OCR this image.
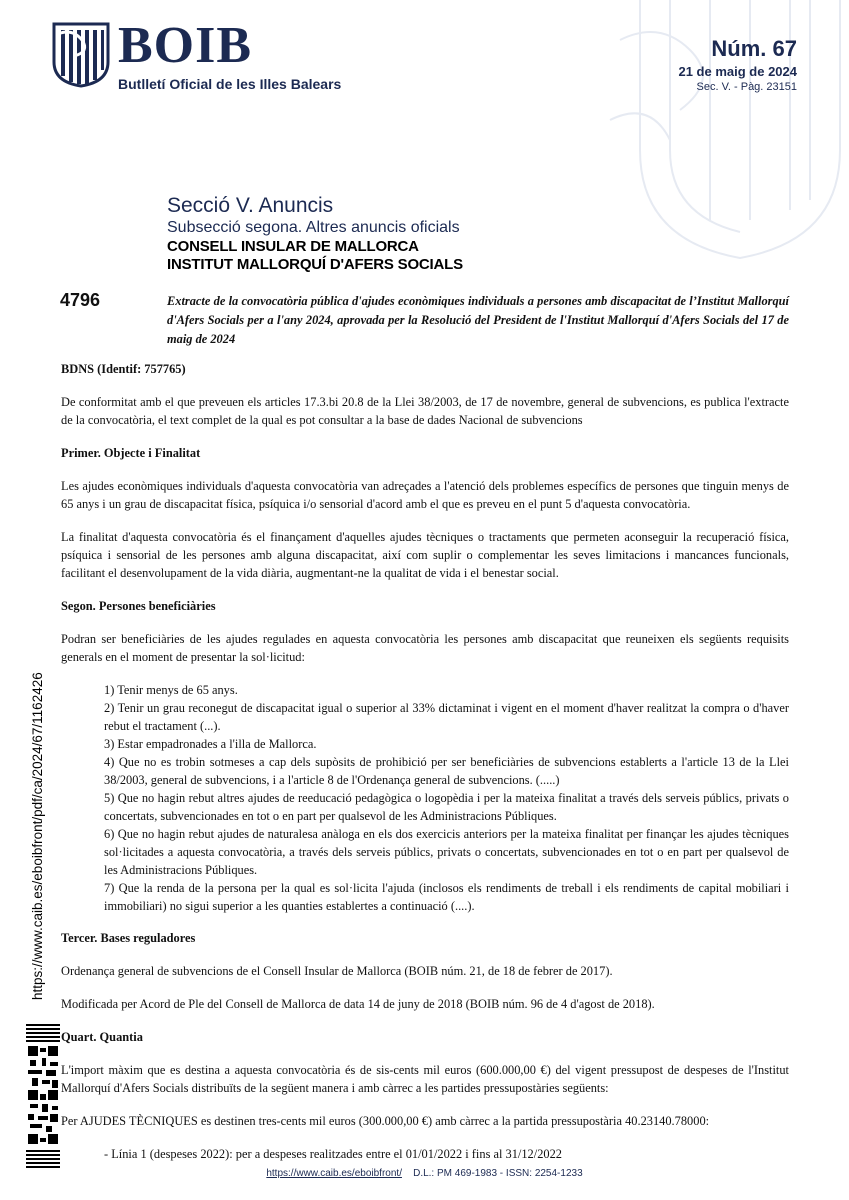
BOIB
Butlletí Oficial de les Illes Balears
Núm. 67
21 de maig de 2024
Sec. V. - Pàg. 23151
Secció V. Anuncis
Subsecció segona. Altres anuncis oficials
CONSELL INSULAR DE MALLORCA
INSTITUT MALLORQUÍ D'AFERS SOCIALS
4796	Extracte de la convocatòria pública d'ajudes econòmiques individuals a persones amb discapacitat de l’Institut Mallorquí d'Afers Socials per a l'any 2024, aprovada per la Resolució del President de l'Institut Mallorquí d'Afers Socials del 17 de maig de 2024
BDNS (Identif: 757765)

De conformitat amb el que preveuen els articles 17.3.bi 20.8 de la Llei 38/2003, de 17 de novembre, general de subvencions, es publica l'extracte de la convocatòria, el text complet de la qual es pot consultar a la base de dades Nacional de subvencions

Primer. Objecte i Finalitat

Les ajudes econòmiques individuals d'aquesta convocatòria van adreçades a l'atenció dels problemes específics de persones que tinguin menys de 65 anys i un grau de discapacitat física, psíquica i/o sensorial d'acord amb el que es preveu en el punt 5 d'aquesta convocatòria.

La finalitat d'aquesta convocatòria és el finançament d'aquelles ajudes tècniques o tractaments que permeten aconseguir la recuperació física, psíquica i sensorial de les persones amb alguna discapacitat, així com suplir o complementar les seves limitacions i mancances funcionals, facilitant el desenvolupament de la vida diària, augmentant-ne la qualitat de vida i el benestar social.

Segon. Persones beneficiàries

Podran ser beneficiàries de les ajudes regulades en aquesta convocatòria les persones amb discapacitat que reuneixen els següents requisits generals en el moment de presentar la sol·licitud:

1) Tenir menys de 65 anys.
2) Tenir un grau reconegut de discapacitat igual o superior al 33% dictaminat i vigent en el moment d'haver realitzat la compra o d'haver rebut el tractament (...).
3) Estar empadronades a l'illa de Mallorca.
4) Que no es trobin sotmeses a cap dels supòsits de prohibició per ser beneficiàries de subvencions establerts a l'article 13 de la Llei 38/2003, general de subvencions, i a l'article 8 de l'Ordenança general de subvencions. (.....)
5) Que no hagin rebut altres ajudes de reeducació pedagògica o logopèdia i per la mateixa finalitat a través dels serveis públics, privats o concertats, subvencionades en tot o en part per qualsevol de les Administracions Públiques.
6) Que no hagin rebut ajudes de naturalesa anàloga en els dos exercicis anteriors per la mateixa finalitat per finançar les ajudes tècniques sol·licitades a aquesta convocatòria, a través dels serveis públics, privats o concertats, subvencionades en tot o en part per qualsevol de les Administracions Públiques.
7) Que la renda de la persona per la qual es sol·licita l'ajuda (inclosos els rendiments de treball i els rendiments de capital mobiliari i immobiliari) no sigui superior a les quanties establertes a continuació (....).
Tercer. Bases reguladores

Ordenança general de subvencions de el Consell Insular de Mallorca (BOIB núm. 21, de 18 de febrer de 2017).

Modificada per Acord de Ple del Consell de Mallorca de data 14 de juny de 2018 (BOIB núm. 96 de 4 d'agost de 2018).

Quart. Quantia

L'import màxim que es destina a aquesta convocatòria és de sis-cents mil euros (600.000,00 €) del vigent pressupost de despeses de l'Institut Mallorquí d'Afers Socials distribuïts de la següent manera i amb càrrec a les partides pressupostàries següents:

Per AJUDES TÈCNIQUES es destinen tres-cents mil euros (300.000,00 €) amb càrrec a la partida pressupostària 40.23140.78000:

- Línia 1 (despeses 2022): per a despeses realitzades entre el 01/01/2022 i fins al 31/12/2022

https://www.caib.es/eboibfront/pdf/ca/2024/67/1162426
https://www.caib.es/eboibfront/ D.L.: PM 469-1983 - ISSN: 2254-1233
